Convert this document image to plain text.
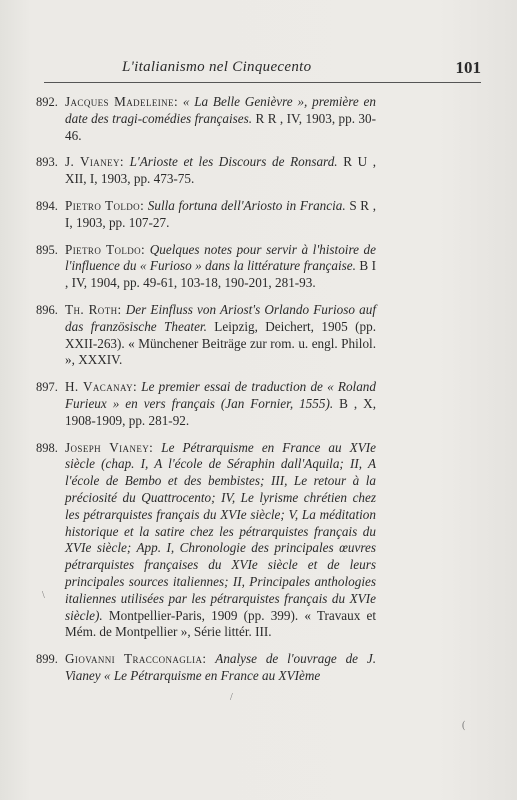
L'italianismo nel Cinquecento	101
892. Jacques Madeleine: « La Belle Genièvre », première en date des tragi-comédies françaises. R R , IV, 1903, pp. 30-46.
893. J. Vianey: L'Arioste et les Discours de Ronsard. R U , XII, I, 1903, pp. 473-75.
894. Pietro Toldo: Sulla fortuna dell'Ariosto in Francia. S R , I, 1903, pp. 107-27.
895. Pietro Toldo: Quelques notes pour servir à l'histoire de l'influence du « Furioso » dans la littérature française. B I , IV, 1904, pp. 49-61, 103-18, 190-201, 281-93.
896. Th. Roth: Der Einfluss von Ariost's Orlando Furioso auf das französische Theater. Leipzig, Deichert, 1905 (pp. XXII-263). « Münchener Beiträge zur rom. u. engl. Philol. », XXXIV.
897. H. Vacanay: Le premier essai de traduction de « Roland Furieux » en vers français (Jan Fornier, 1555). B , X, 1908-1909, pp. 281-92.
898. Joseph Vianey: Le Pétrarquisme en France au XVIe siècle (chap. I, A l'école de Séraphin dall'Aquila; II, A l'école de Bembo et des bembistes; III, Le retour à la préciosité du Quattrocento; IV, Le lyrisme chrétien chez les pétrarquistes français du XVIe siècle; V, La méditation historique et la satire chez les pétrarquistes français du XVIe siècle; App. I, Chronologie des principales œuvres pétrarquistes françaises du XVIe siècle et de leurs principales sources italiennes; II, Principales anthologies italiennes utilisées par les pétrarquistes français du XVIe siècle). Montpellier-Paris, 1909 (pp. 399). « Travaux et Mém. de Montpellier », Série littér. III.
899. Giovanni Tracconaglia: Analyse de l'ouvrage de J. Vianey « Le Pétrarquisme en France au XVIème
\
/
(
